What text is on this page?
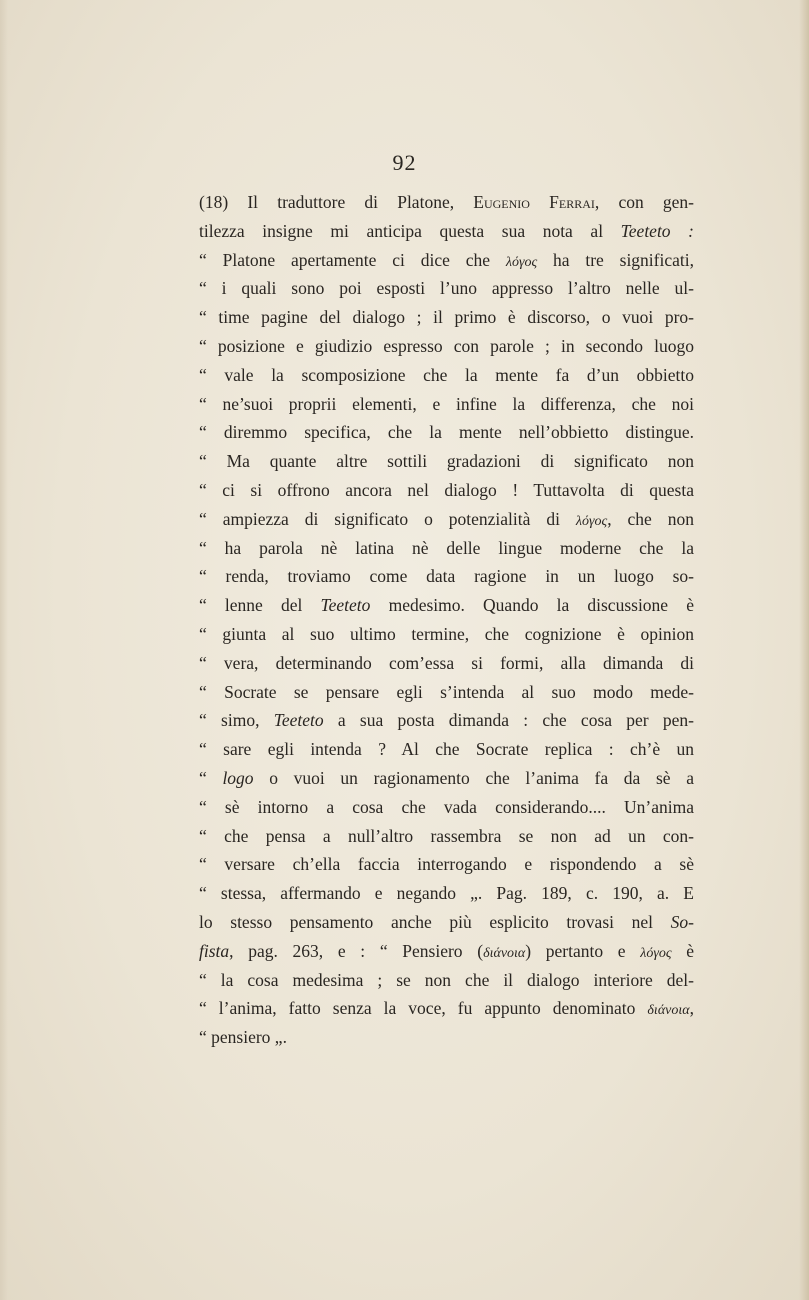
92
(18) Il traduttore di Platone, Eugenio Ferrai, con gen-
tilezza insigne mi anticipa questa sua nota al Teeteto :
“ Platone apertamente ci dice che λόγος ha tre significati,
“ i quali sono poi esposti l’uno appresso l’altro nelle ul-
“ time pagine del dialogo ; il primo è discorso, o vuoi pro-
“ posizione e giudizio espresso con parole ; in secondo luogo
“ vale la scomposizione che la mente fa d’un obbietto
“ ne’suoi proprii elementi, e infine la differenza, che noi
“ diremmo specifica, che la mente nell’obbietto distingue.
“ Ma quante altre sottili gradazioni di significato non
“ ci si offrono ancora nel dialogo ! Tuttavolta di questa
“ ampiezza di significato o potenzialità di λόγος, che non
“ ha parola nè latina nè delle lingue moderne che la
“ renda, troviamo come data ragione in un luogo so-
“ lenne del Teeteto medesimo. Quando la discussione è
“ giunta al suo ultimo termine, che cognizione è opinion
“ vera, determinando com’essa si formi, alla dimanda di
“ Socrate se pensare egli s’intenda al suo modo mede-
“ simo, Teeteto a sua posta dimanda : che cosa per pen-
“ sare egli intenda ? Al che Socrate replica : ch’è un
“ logo o vuoi un ragionamento che l’anima fa da sè a
“ sè intorno a cosa che vada considerando.... Un’anima
“ che pensa a null’altro rassembra se non ad un con-
“ versare ch’ella faccia interrogando e rispondendo a sè
“ stessa, affermando e negando „. Pag. 189, c. 190, a. E
lo stesso pensamento anche più esplicito trovasi nel So-
fista, pag. 263, e : “ Pensiero (διάνοια) pertanto e λόγος è
“ la cosa medesima ; se non che il dialogo interiore del-
“ l’anima, fatto senza la voce, fu appunto denominato διάνοια,
“ pensiero „.
